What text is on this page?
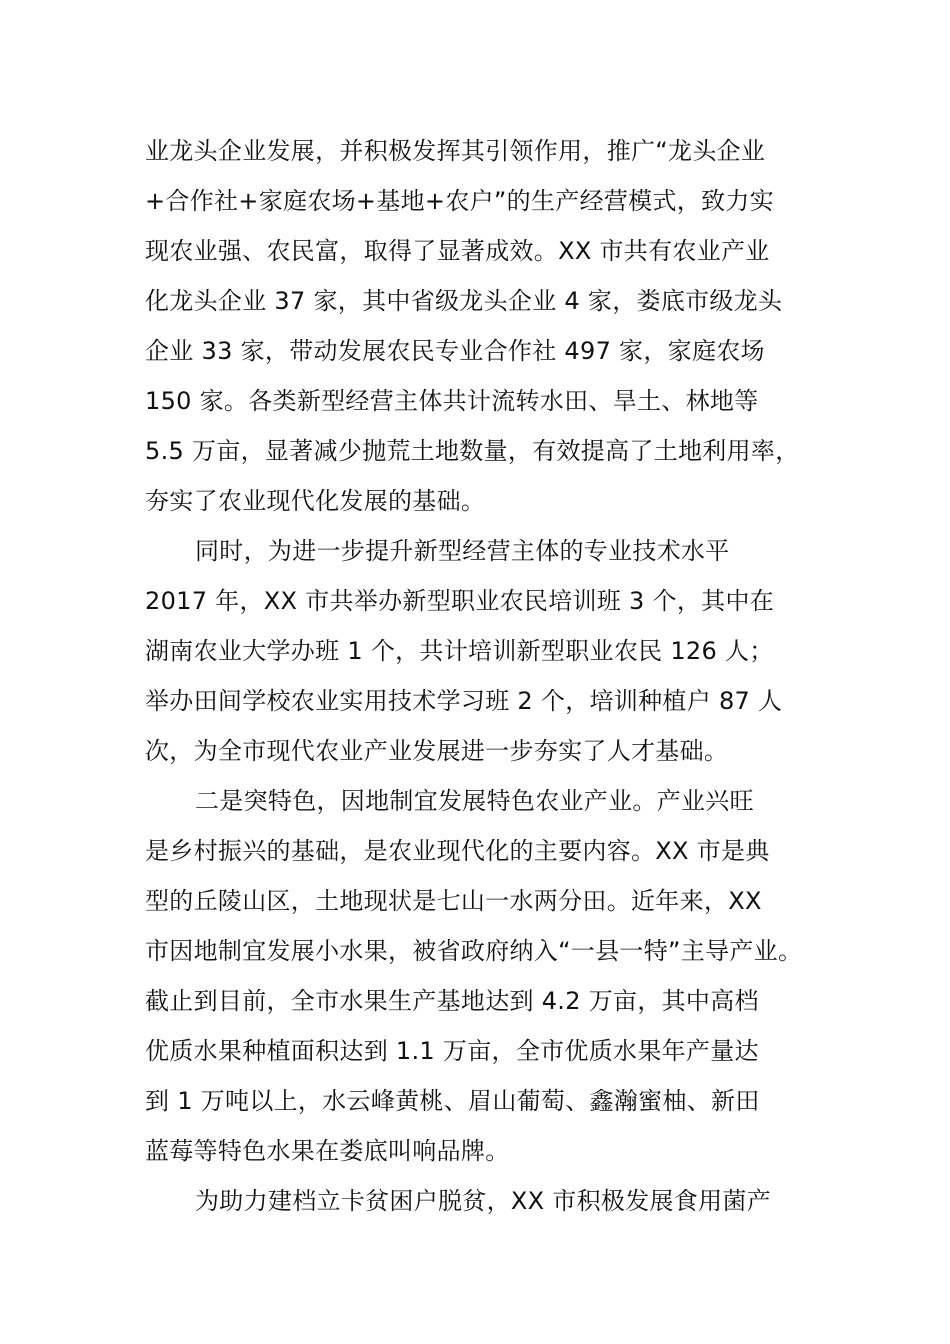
业龙头企业发展，并积极发挥其引领作用，推广“龙头企业
+合作社+家庭农场+基地+农户”的生产经营模式，致力实
现农业强、农民富，取得了显著成效。XX 市共有农业产业
化龙头企业 37 家，其中省级龙头企业 4 家，娄底市级龙头
企业 33 家，带动发展农民专业合作社 497 家，家庭农场
150 家。各类新型经营主体共计流转水田、旱土、林地等
5.5 万亩，显著减少抛荒土地数量，有效提高了土地利用率，
夯实了农业现代化发展的基础。
同时，为进一步提升新型经营主体的专业技术水平
2017 年，XX 市共举办新型职业农民培训班 3 个，其中在
湖南农业大学办班 1 个，共计培训新型职业农民 126 人；
举办田间学校农业实用技术学习班 2 个，培训种植户 87 人
次，为全市现代农业产业发展进一步夯实了人才基础。
二是突特色，因地制宜发展特色农业产业。产业兴旺
是乡村振兴的基础，是农业现代化的主要内容。XX 市是典
型的丘陵山区，土地现状是七山一水两分田。近年来，XX
市因地制宜发展小水果，被省政府纳入“一县一特”主导产业。
截止到目前，全市水果生产基地达到 4.2 万亩，其中高档
优质水果种植面积达到 1.1 万亩，全市优质水果年产量达
到 1 万吨以上，水云峰黄桃、眉山葡萄、鑫瀚蜜柚、新田
蓝莓等特色水果在娄底叫响品牌。
为助力建档立卡贫困户脱贫，XX 市积极发展食用菌产
